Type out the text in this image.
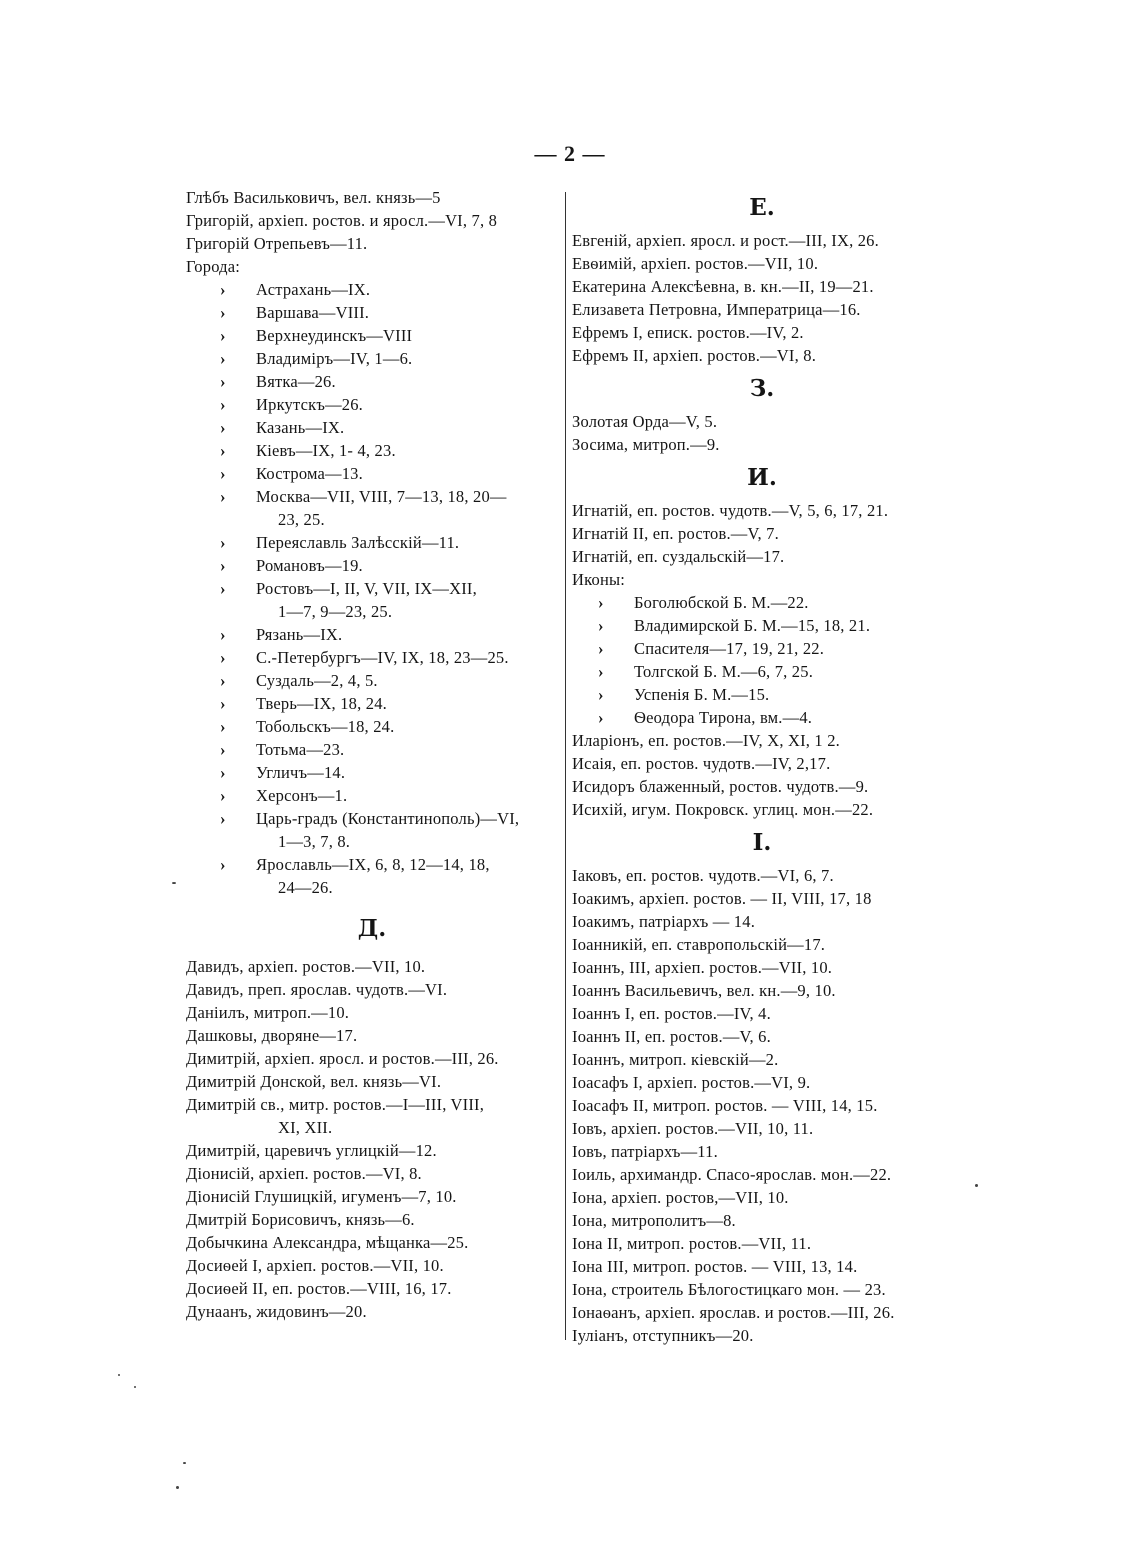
— 2 —
Глѣбъ Васильковичъ, вел. князь—5
Григорій, архіеп. ростов. и яросл.—VI, 7, 8
Григорій Отрепьевъ—11.
Города:
› Астрахань—IX.
› Варшава—VIII.
› Верхнеудинскъ—VIII
› Владиміръ—IV, 1—6.
› Вятка—26.
› Иркутскъ—26.
› Казань—IX.
› Кіевъ—IX, 1- 4, 23.
› Кострома—13.
› Москва—VII, VIII, 7—13, 18, 20—
23, 25.
› Переяславль Залѣсскій—11.
› Романовъ—19.
› Ростовъ—I, II, V, VII, IX—XII,
1—7, 9—23, 25.
› Рязань—IX.
› С.-Петербургъ—IV, IX, 18, 23—25.
› Суздаль—2, 4, 5.
› Тверь—IX, 18, 24.
› Тобольскъ—18, 24.
› Тотьма—23.
› Угличъ—14.
› Херсонъ—1.
› Царь-градъ (Константинополь)—VI,
1—3, 7, 8.
› Ярославль—IX, 6, 8, 12—14, 18,
24—26.
Д.
Давидъ, архіеп. ростов.—VII, 10.
Давидъ, преп. ярослав. чудотв.—VI.
Даніилъ, митроп.—10.
Дашковы, дворяне—17.
Димитрій, архіеп. яросл. и ростов.—III, 26.
Димитрій Донской, вел. князь—VI.
Димитрій св., митр. ростов.—I—III, VIII,
XI, XII.
Димитрій, царевичъ углицкій—12.
Діонисій, архіеп. ростов.—VI, 8.
Діонисій Глушицкій, игуменъ—7, 10.
Дмитрій Борисовичъ, князь—6.
Добычкина Александра, мѣщанка—25.
Досиѳей I, архіеп. ростов.—VII, 10.
Досиѳей II, еп. ростов.—VIII, 16, 17.
Дунаанъ, жидовинъ—20.
Е.
Евгеній, архіеп. яросл. и рост.—III, IX, 26.
Евѳимій, архіеп. ростов.—VII, 10.
Екатерина Алексѣевна, в. кн.—II, 19—21.
Елизавета Петровна, Императрица—16.
Ефремъ I, еписк. ростов.—IV, 2.
Ефремъ II, архіеп. ростов.—VI, 8.
З.
Золотая Орда—V, 5.
Зосима, митроп.—9.
И.
Игнатій, еп. ростов. чудотв.—V, 5, 6, 17, 21.
Игнатій II, еп. ростов.—V, 7.
Игнатій, еп. суздальскій—17.
Иконы:
› Боголюбской Б. М.—22.
› Владимирской Б. М.—15, 18, 21.
› Спасителя—17, 19, 21, 22.
› Толгской Б. М.—6, 7, 25.
› Успенія Б. М.—15.
› Ѳеодора Тирона, вм.—4.
Иларіонъ, еп. ростов.—IV, X, XI, 1 2.
Исаія, еп. ростов. чудотв.—IV, 2,17.
Исидоръ блаженный, ростов. чудотв.—9.
Исихій, игум. Покровск. углиц. мон.—22.
І.
Іаковъ, еп. ростов. чудотв.—VI, 6, 7.
Іоакимъ, архіеп. ростов. — II, VIII, 17, 18
Іоакимъ, патріархъ — 14.
Іоанникій, еп. ставропольскій—17.
Іоаннъ, III, архіеп. ростов.—VII, 10.
Іоаннъ Васильевичъ, вел. кн.—9, 10.
Іоаннъ I, еп. ростов.—IV, 4.
Іоаннъ II, еп. ростов.—V, 6.
Іоаннъ, митроп. кіевскій—2.
Іоасафъ I, архіеп. ростов.—VI, 9.
Іоасафъ II, митроп. ростов. — VIII, 14, 15.
Іовъ, архіеп. ростов.—VII, 10, 11.
Іовъ, патріархъ—11.
Іоиль, архимандр. Спасо-ярослав. мон.—22.
Іона, архіеп. ростов,—VII, 10.
Іона, митрополитъ—8.
Іона II, митроп. ростов.—VII, 11.
Іона III, митроп. ростов. — VIII, 13, 14.
Іона, строитель Бѣлогостицкаго мон. — 23.
Іонаѳанъ, архіеп. ярослав. и ростов.—III, 26.
Іуліанъ, отступникъ—20.
